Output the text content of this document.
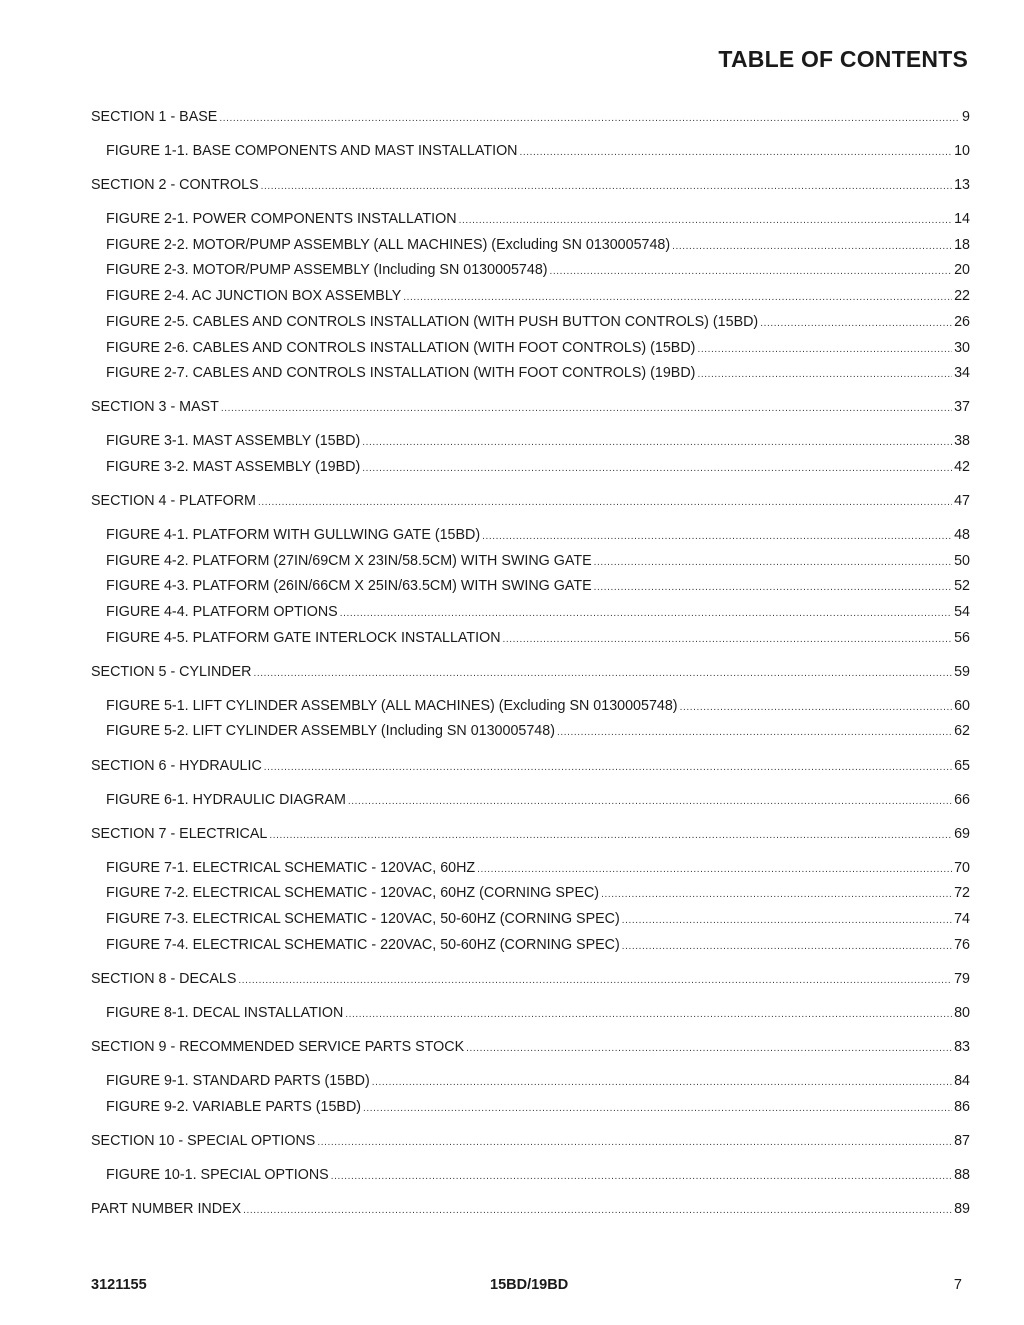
TABLE OF CONTENTS
SECTION 1 - BASE .....	9
FIGURE 1-1. BASE COMPONENTS AND MAST INSTALLATION .....	10
SECTION 2 - CONTROLS .....	13
FIGURE 2-1. POWER COMPONENTS INSTALLATION .....	14
FIGURE 2-2. MOTOR/PUMP ASSEMBLY (ALL MACHINES) (Excluding SN 0130005748) .....	18
FIGURE 2-3. MOTOR/PUMP ASSEMBLY (Including SN 0130005748) .....	20
FIGURE 2-4. AC JUNCTION BOX ASSEMBLY .....	22
FIGURE 2-5. CABLES AND CONTROLS INSTALLATION (WITH PUSH BUTTON CONTROLS) (15BD) .....	26
FIGURE 2-6. CABLES AND CONTROLS INSTALLATION (WITH FOOT CONTROLS) (15BD) .....	30
FIGURE 2-7. CABLES AND CONTROLS INSTALLATION (WITH FOOT CONTROLS) (19BD) .....	34
SECTION 3 - MAST .....	37
FIGURE 3-1. MAST ASSEMBLY (15BD) .....	38
FIGURE 3-2. MAST ASSEMBLY (19BD) .....	42
SECTION 4 - PLATFORM .....	47
FIGURE 4-1. PLATFORM WITH GULLWING GATE (15BD) .....	48
FIGURE 4-2. PLATFORM (27IN/69CM X 23IN/58.5CM) WITH SWING GATE .....	50
FIGURE 4-3. PLATFORM (26IN/66CM X 25IN/63.5CM) WITH SWING GATE .....	52
FIGURE 4-4. PLATFORM OPTIONS .....	54
FIGURE 4-5. PLATFORM GATE INTERLOCK INSTALLATION .....	56
SECTION 5 - CYLINDER .....	59
FIGURE 5-1. LIFT CYLINDER ASSEMBLY (ALL MACHINES) (Excluding SN 0130005748) .....	60
FIGURE 5-2. LIFT CYLINDER ASSEMBLY (Including SN 0130005748) .....	62
SECTION 6 - HYDRAULIC .....	65
FIGURE 6-1. HYDRAULIC DIAGRAM .....	66
SECTION 7 - ELECTRICAL .....	69
FIGURE 7-1. ELECTRICAL SCHEMATIC - 120VAC, 60HZ .....	70
FIGURE 7-2. ELECTRICAL SCHEMATIC - 120VAC, 60HZ (CORNING SPEC) .....	72
FIGURE 7-3. ELECTRICAL SCHEMATIC - 120VAC, 50-60HZ (CORNING SPEC) .....	74
FIGURE 7-4. ELECTRICAL SCHEMATIC - 220VAC, 50-60HZ (CORNING SPEC) .....	76
SECTION 8 - DECALS .....	79
FIGURE 8-1. DECAL INSTALLATION .....	80
SECTION 9 - RECOMMENDED SERVICE PARTS STOCK .....	83
FIGURE 9-1. STANDARD PARTS (15BD) .....	84
FIGURE 9-2. VARIABLE PARTS (15BD) .....	86
SECTION 10 - SPECIAL OPTIONS .....	87
FIGURE 10-1. SPECIAL OPTIONS .....	88
PART NUMBER INDEX .....	89
3121155	15BD/19BD	7
